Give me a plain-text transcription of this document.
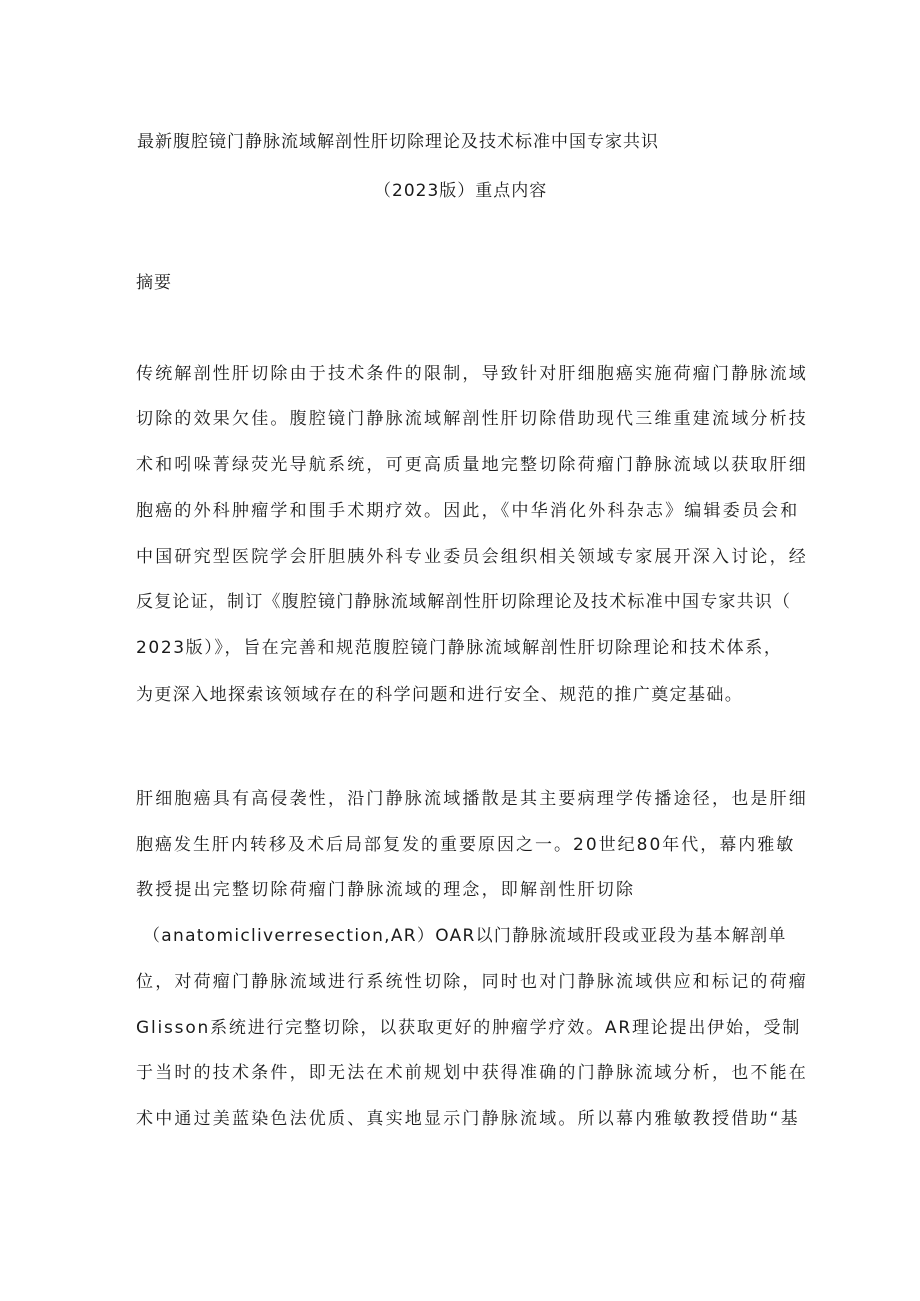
最新腹腔镜门静脉流域解剖性肝切除理论及技术标准中国专家共识
（2023版）重点内容
摘要
传统解剖性肝切除由于技术条件的限制，导致针对肝细胞癌实施荷瘤门静脉流域
切除的效果欠佳。腹腔镜门静脉流域解剖性肝切除借助现代三维重建流域分析技
术和吲哚菁绿荧光导航系统，可更高质量地完整切除荷瘤门静脉流域以获取肝细
胞癌的外科肿瘤学和围手术期疗效。因此，《中华消化外科杂志》编辑委员会和
中国研究型医院学会肝胆胰外科专业委员会组织相关领域专家展开深入讨论，经
反复论证，制订《腹腔镜门静脉流域解剖性肝切除理论及技术标准中国专家共识（
2023版）》，旨在完善和规范腹腔镜门静脉流域解剖性肝切除理论和技术体系，
为更深入地探索该领域存在的科学问题和进行安全、规范的推广奠定基础。
肝细胞癌具有高侵袭性，沿门静脉流域播散是其主要病理学传播途径，也是肝细
胞癌发生肝内转移及术后局部复发的重要原因之一。20世纪80年代，幕内雅敏
教授提出完整切除荷瘤门静脉流域的理念，即解剖性肝切除
（anatomicliverresection,AR）OAR以门静脉流域肝段或亚段为基本解剖单
位，对荷瘤门静脉流域进行系统性切除，同时也对门静脉流域供应和标记的荷瘤
Glisson系统进行完整切除，以获取更好的肿瘤学疗效。AR理论提出伊始，受制
于当时的技术条件，即无法在术前规划中获得准确的门静脉流域分析，也不能在
术中通过美蓝染色法优质、真实地显示门静脉流域。所以幕内雅敏教授借助“基
